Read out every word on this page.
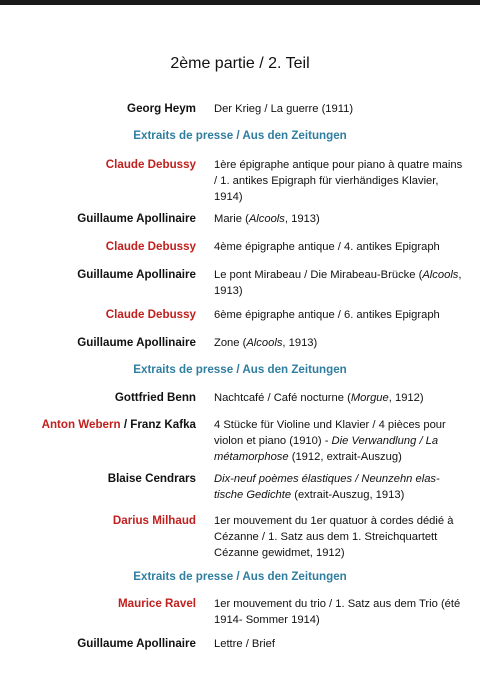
2ème partie / 2. Teil
Georg Heym Der Krieg / La guerre (1911)
Extraits de presse / Aus den Zeitungen
Claude Debussy 1ère épigraphe antique pour piano à quatre mains / 1. antikes Epigraph für vierhändiges Klavier, 1914)
Guillaume Apollinaire Marie (Alcools, 1913)
Claude Debussy 4ème épigraphe antique / 4. antikes Epigraph
Guillaume Apollinaire Le pont Mirabeau / Die Mirabeau-Brücke (Alcools, 1913)
Claude Debussy 6ème épigraphe antique / 6. antikes Epigraph
Guillaume Apollinaire Zone (Alcools, 1913)
Extraits de presse / Aus den Zeitungen
Gottfried Benn Nachtcafé / Café nocturne (Morgue, 1912)
Anton Webern / Franz Kafka 4 Stücke für Violine und Klavier / 4 pièces pour violon et piano (1910) - Die Verwandlung / La métamorphose (1912, extrait-Auszug)
Blaise Cendrars Dix-neuf poèmes élastiques / Neunzehn elas-tische Gedichte (extrait-Auszug, 1913)
Darius Milhaud 1er mouvement du 1er quatuor à cordes dédié à Cézanne / 1. Satz aus dem 1. Streichquartett Cézanne gewidmet, 1912)
Extraits de presse / Aus den Zeitungen
Maurice Ravel 1er mouvement du trio / 1. Satz aus dem Trio (été 1914- Sommer 1914)
Guillaume Apollinaire Lettre / Brief
